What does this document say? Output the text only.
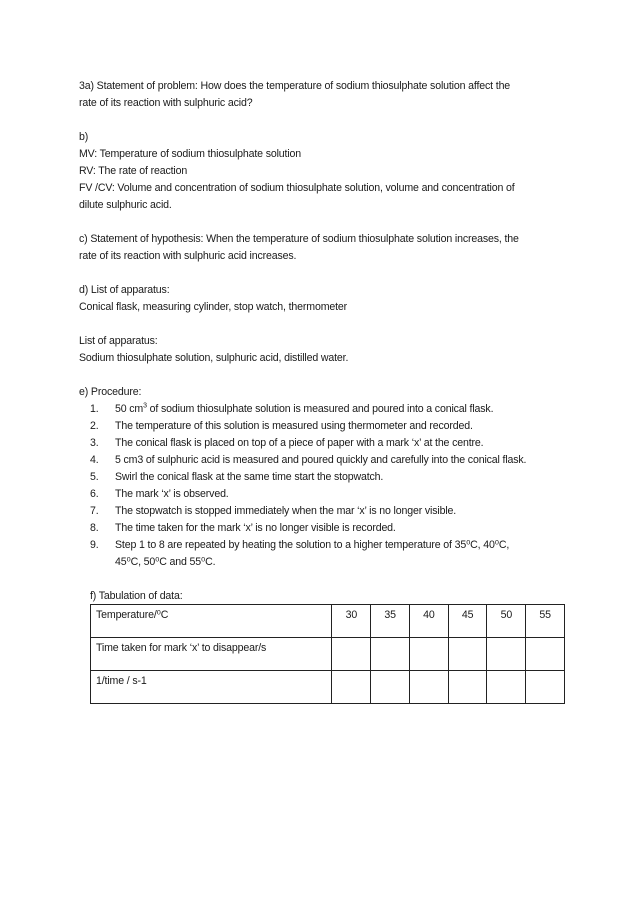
3a) Statement of problem: How does the temperature of sodium thiosulphate solution affect the
rate of its reaction with sulphuric acid?
b)
MV: Temperature of sodium thiosulphate solution
RV: The rate of reaction
FV /CV: Volume and concentration of sodium thiosulphate solution, volume and concentration of
dilute sulphuric acid.
c) Statement of hypothesis: When the temperature of sodium thiosulphate solution increases, the
rate of its reaction with sulphuric acid increases.
d) List of apparatus:
Conical flask, measuring cylinder, stop watch, thermometer
List of apparatus:
Sodium thiosulphate solution, sulphuric acid, distilled water.
e) Procedure:
1. 50 $cm^3$ of sodium thiosulphate solution is measured and poured into a conical flask.
2. The temperature of this solution is measured using thermometer and recorded.
3. The conical flask is placed on top of a piece of paper with a mark ‘x’ at the centre.
4. 5 cm3 of sulphuric acid is measured and poured quickly and carefully into the conical flask.
5. Swirl the conical flask at the same time start the stopwatch.
6. The mark ‘x’ is observed.
7. The stopwatch is stopped immediately when the mar ‘x’ is no longer visible.
8. The time taken for the mark ‘x’ is no longer visible is recorded.
9. Step 1 to 8 are repeated by heating the solution to a higher temperature of 35⁰C, 40⁰C,
45⁰C, 50⁰C and 55⁰C.
f) Tabulation of data:
Temperature/⁰C	30	35	40	45	50	55
Time taken for mark ‘x’ to disappear/s						
1/time / s-1						
